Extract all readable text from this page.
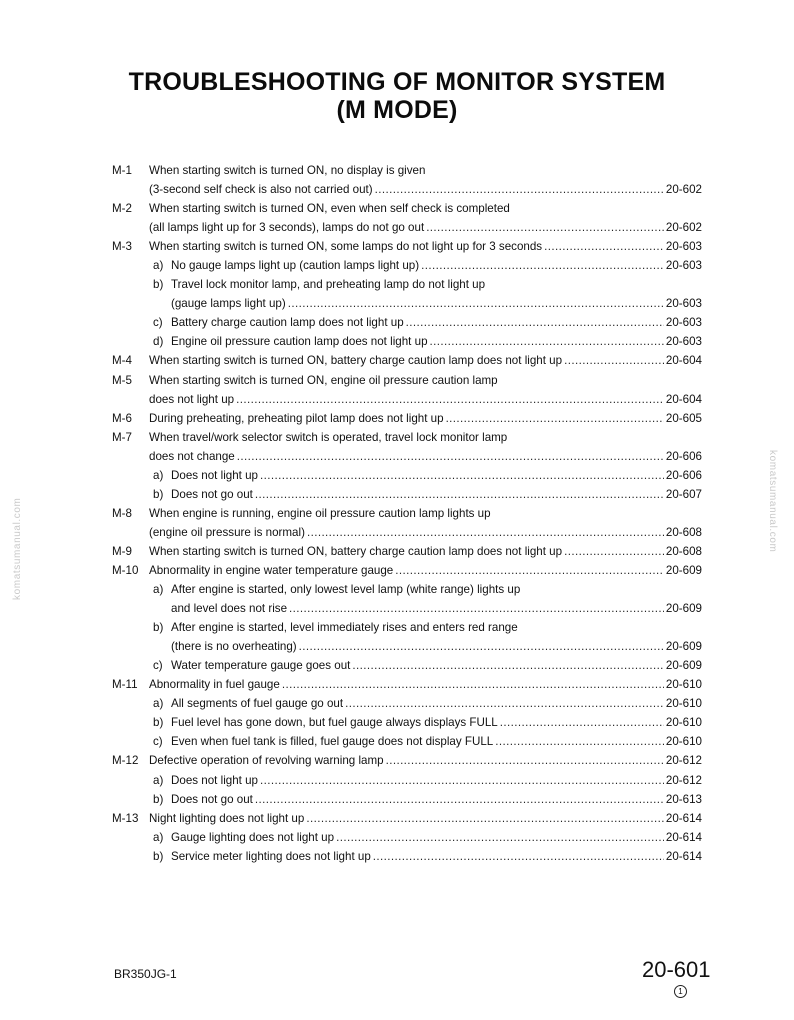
TROUBLESHOOTING OF MONITOR SYSTEM
(M MODE)
komatsumanual.com	komatsumanual.com
M-1	When starting switch is turned ON, no display is given
(3-second self check is also not carried out) .....	20-602
M-2	When starting switch is turned ON, even when self check is completed
(all lamps light up for 3 seconds), lamps do not go out .....	20-602
M-3	When starting switch is turned ON, some lamps do not light up for 3 seconds .....	20-603
a) No gauge lamps light up (caution lamps light up) .....	20-603
b) Travel lock monitor lamp, and preheating lamp do not light up
(gauge lamps light up) .....	20-603
c) Battery charge caution lamp does not light up .....	20-603
d) Engine oil pressure caution lamp does not light up .....	20-603
M-4	When starting switch is turned ON, battery charge caution lamp does not light up .....	20-604
M-5	When starting switch is turned ON, engine oil pressure caution lamp
does not light up .....	20-604
M-6	During preheating, preheating pilot lamp does not light up .....	20-605
M-7	When travel/work selector switch is operated, travel lock monitor lamp
does not change .....	20-606
a) Does not light up .....	20-606
b) Does not go out .....	20-607
M-8	When engine is running, engine oil pressure caution lamp lights up
(engine oil pressure is normal) .....	20-608
M-9	When starting switch is turned ON, battery charge caution lamp does not light up .....	20-608
M-10 Abnormality in engine water temperature gauge .....	20-609
a) After engine is started, only lowest level lamp (white range) lights up
and level does not rise .....	20-609
b) After engine is started, level immediately rises and enters red range
(there is no overheating) .....	20-609
c) Water temperature gauge goes out .....	20-609
M-11 Abnormality in fuel gauge .....	20-610
a) All segments of fuel gauge go out .....	20-610
b) Fuel level has gone down, but fuel gauge always displays FULL .....	20-610
c) Even when fuel tank is filled, fuel gauge does not display FULL .....	20-610
M-12 Defective operation of revolving warning lamp .....	20-612
a) Does not light up .....	20-612
b) Does not go out .....	20-613
M-13 Night lighting does not light up .....	20-614
a) Gauge lighting does not light up .....	20-614
b) Service meter lighting does not light up .....	20-614
BR350JG-1	20-601
1
